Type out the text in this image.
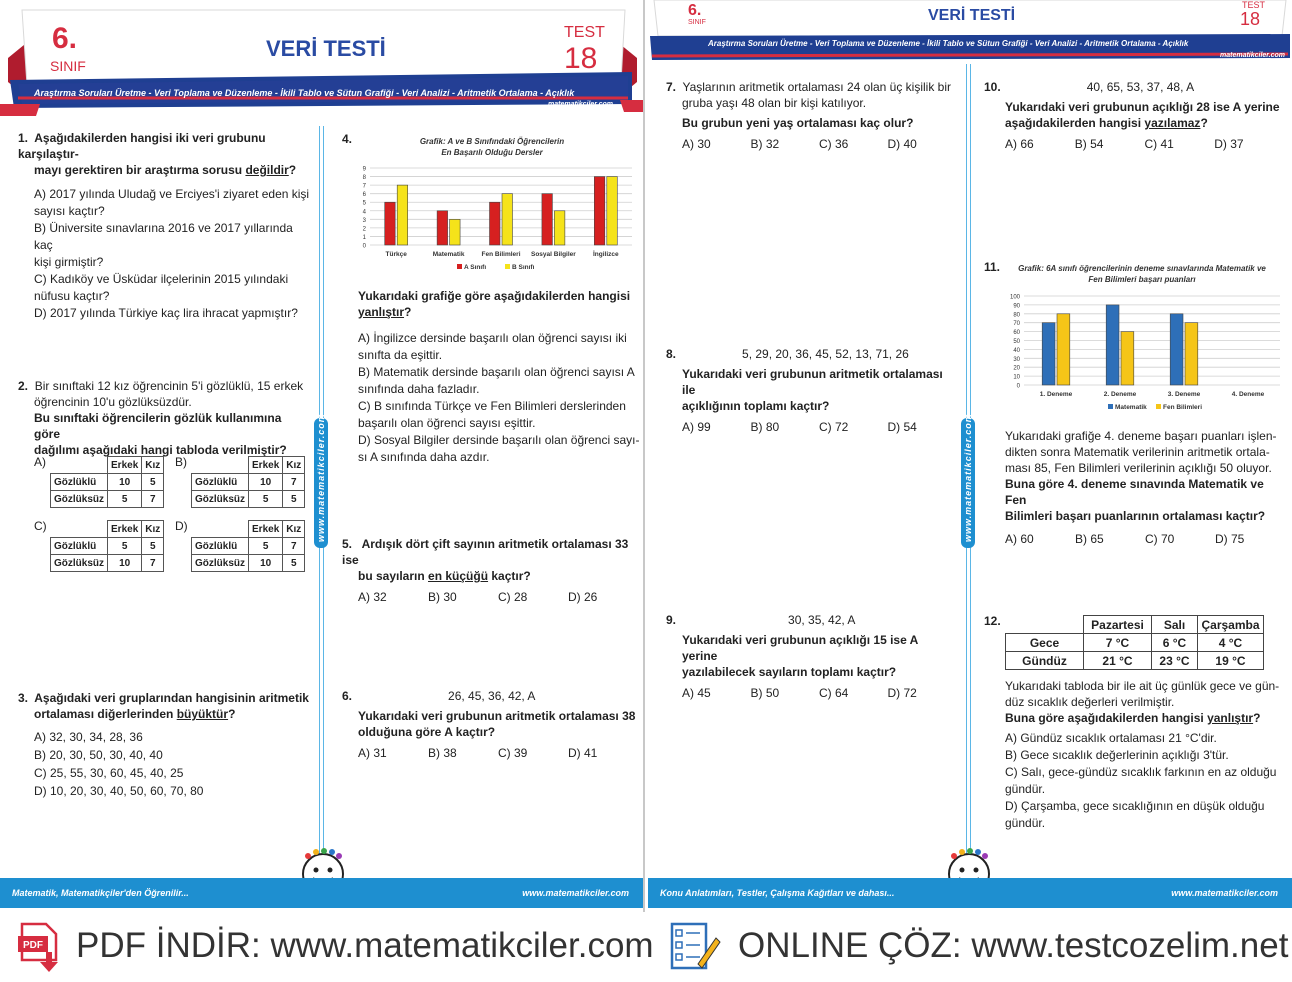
6.
SINIF
VERİ TESTİ
TEST
18
Araştırma Soruları Üretme - Veri Toplama ve Düzenleme - İkili Tablo ve Sütun Grafiği - Veri Analizi - Aritmetik Ortalama - Açıklık
matematikciler.com
www.matematikciler.com
1. Aşağıdakilerden hangisi iki veri grubunu karşılaştır-
mayı gerektiren bir araştırma sorusu değildir?
A) 2017 yılında Uludağ ve Erciyes'i ziyaret eden kişi
sayısı kaçtır?
B) Üniversite sınavlarına 2016 ve 2017 yıllarında kaç
kişi girmiştir?
C) Kadıköy ve Üsküdar ilçelerinin 2015 yılındaki
nüfusu kaçtır?
D) 2017 yılında Türkiye kaç lira ihracat yapmıştır?
2. Bir sınıftaki 12 kız öğrencinin 5'i gözlüklü, 15 erkek
öğrencinin 10'u gözlüksüzdür.
Bu sınıftaki öğrencilerin gözlük kullanımına göre
dağılımı aşağıdaki hangi tabloda verilmiştir?
A)
		Erkek	Kız
Gözlüklü	10	5
Gözlüksüz	5	7
B)
		Erkek	Kız
Gözlüklü	10	7
Gözlüksüz	5	5
C)
		Erkek	Kız
Gözlüklü	5	5
Gözlüksüz	10	7
D)
		Erkek	Kız
Gözlüklü	5	7
Gözlüksüz	10	5
3. Aşağıdaki veri gruplarından hangisinin aritmetik
ortalaması diğerlerinden büyüktür?
A) 32, 30, 34, 28, 36
B) 20, 30, 50, 30, 40, 40
C) 25, 55, 30, 60, 45, 40, 25
D) 10, 20, 30, 40, 50, 60, 70, 80
4.	Grafik: A ve B Sınıfındaki Öğrencilerin
En Başarılı Olduğu Dersler
0
1
2
3
4
5
6
7
8
9
Türkçe	Matematik	Fen Bilimleri Sosyal Bilgiler	İngilizce
A Sınıfı	B Sınıfı
Yukarıdaki grafiğe göre aşağıdakilerden hangisi
yanlıştır?
A) İngilizce dersinde başarılı olan öğrenci sayısı iki
sınıfta da eşittir.
B) Matematik dersinde başarılı olan öğrenci sayısı A
sınıfında daha fazladır.
C) B sınıfında Türkçe ve Fen Bilimleri derslerinden
başarılı olan öğrenci sayısı eşittir.
D) Sosyal Bilgiler dersinde başarılı olan öğrenci sayı-
sı A sınıfında daha azdır.
5. Ardışık dört çift sayının aritmetik ortalaması 33 ise
bu sayıların en küçüğü kaçtır?
A) 32	B) 30	C) 28	D) 26
6.	26, 45, 36, 42, A
Yukarıdaki veri grubunun aritmetik ortalaması 38
olduğuna göre A kaçtır?
A) 31	B) 38	C) 39	D) 41
Matematik, Matematikçiler'den Öğrenilir...	www.matematikciler.com
6.
SINIF	VERİ TESTİ
TEST
18
Araştırma Soruları Üretme - Veri Toplama ve Düzenleme - İkili Tablo ve Sütun Grafiği - Veri Analizi - Aritmetik Ortalama - Açıklık
matematikciler.com
www.matematikciler.com
7. Yaşlarının aritmetik ortalaması 24 olan üç kişilik bir
gruba yaşı 48 olan bir kişi katılıyor.
Bu grubun yeni yaş ortalaması kaç olur?
A) 30	B) 32	C) 36	D) 40
8.	5, 29, 20, 36, 45, 52, 13, 71, 26
Yukarıdaki veri grubunun aritmetik ortalaması ile
açıklığının toplamı kaçtır?
A) 99	B) 80	C) 72	D) 54
9.	30, 35, 42, A
Yukarıdaki veri grubunun açıklığı 15 ise A yerine
yazılabilecek sayıların toplamı kaçtır?
A) 45	B) 50	C) 64	D) 72
10.	40, 65, 53, 37, 48, A
Yukarıdaki veri grubunun açıklığı 28 ise A yerine
aşağıdakilerden hangisi yazılamaz?
A) 66	B) 54	C) 41	D) 37
11. Grafik: 6A sınıfı öğrencilerinin deneme sınavlarında Matematik ve
Fen Bilimleri başarı puanları
0
10
20
30
40
50
60
70
80
90
100
1. Deneme	2. Deneme	3. Deneme	4. Deneme
Matematik Fen Bilimleri
Yukarıdaki grafiğe 4. deneme başarı puanları işlen-
dikten sonra Matematik verilerinin aritmetik ortala-
ması 85, Fen Bilimleri verilerinin açıklığı 50 oluyor.
Buna göre 4. deneme sınavında Matematik ve Fen
Bilimleri başarı puanlarının ortalaması kaçtır?
A) 60	B) 65	C) 70	D) 75
12.
		Pazartesi	Salı	Çarşamba
Gece	7 °C	6 °C	4 °C
Gündüz	21 °C	23 °C	19 °C
Yukarıdaki tabloda bir ile ait üç günlük gece ve gün-
düz sıcaklık değerleri verilmiştir.
Buna göre aşağıdakilerden hangisi yanlıştır?
A) Gündüz sıcaklık ortalaması 21 °C'dir.
B) Gece sıcaklık değerlerinin açıklığı 3'tür.
C) Salı, gece-gündüz sıcaklık farkının en az olduğu
gündür.
D) Çarşamba, gece sıcaklığının en düşük olduğu
gündür.
Konu Anlatımları, Testler, Çalışma Kağıtları ve dahası...	www.matematikciler.com
PDF PDF İNDİR: www.matematikciler.com ONLINE ÇÖZ: www.testcozelim.net
